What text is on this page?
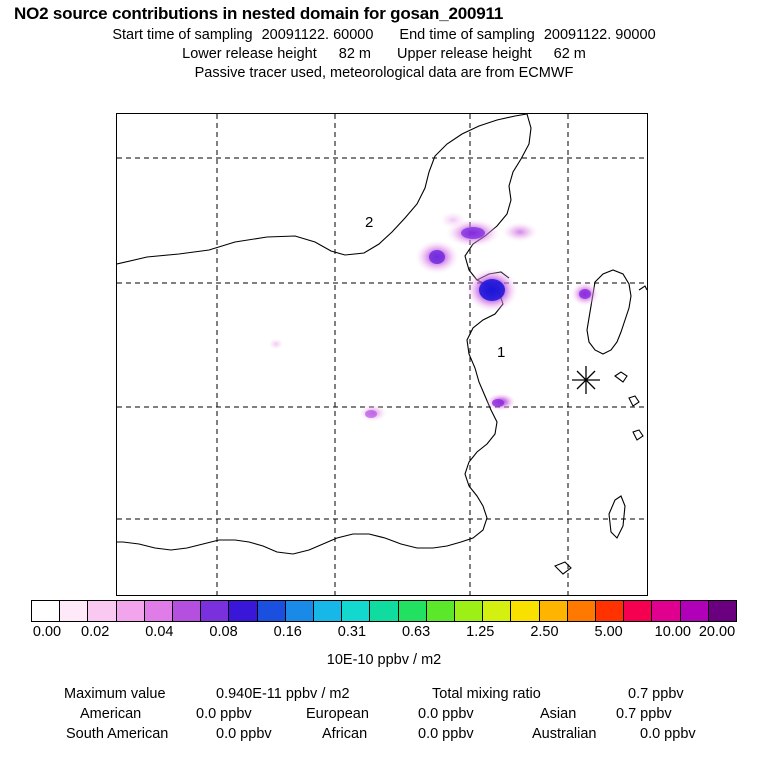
NO2 source contributions in nested domain for gosan_200911
Start time of sampling 20091122. 60000 End time of sampling 20091122. 90000
Lower release height 82 m Upper release height 62 m
Passive tracer used, meteorological data are from ECMWF
2
1
0.00 0.02 0.04 0.08 0.16 0.31 0.63 1.25 2.50 5.00 10.00 20.00
10E-10 ppbv / m2
Maximum value	0.940E-11 ppbv / m2	Total mixing ratio	0.7 ppbv
American	0.0 ppbv	European	0.0 ppbv	Asian	0.7 ppbv
South American	0.0 ppbv	African	0.0 ppbv	Australian	0.0 ppbv
